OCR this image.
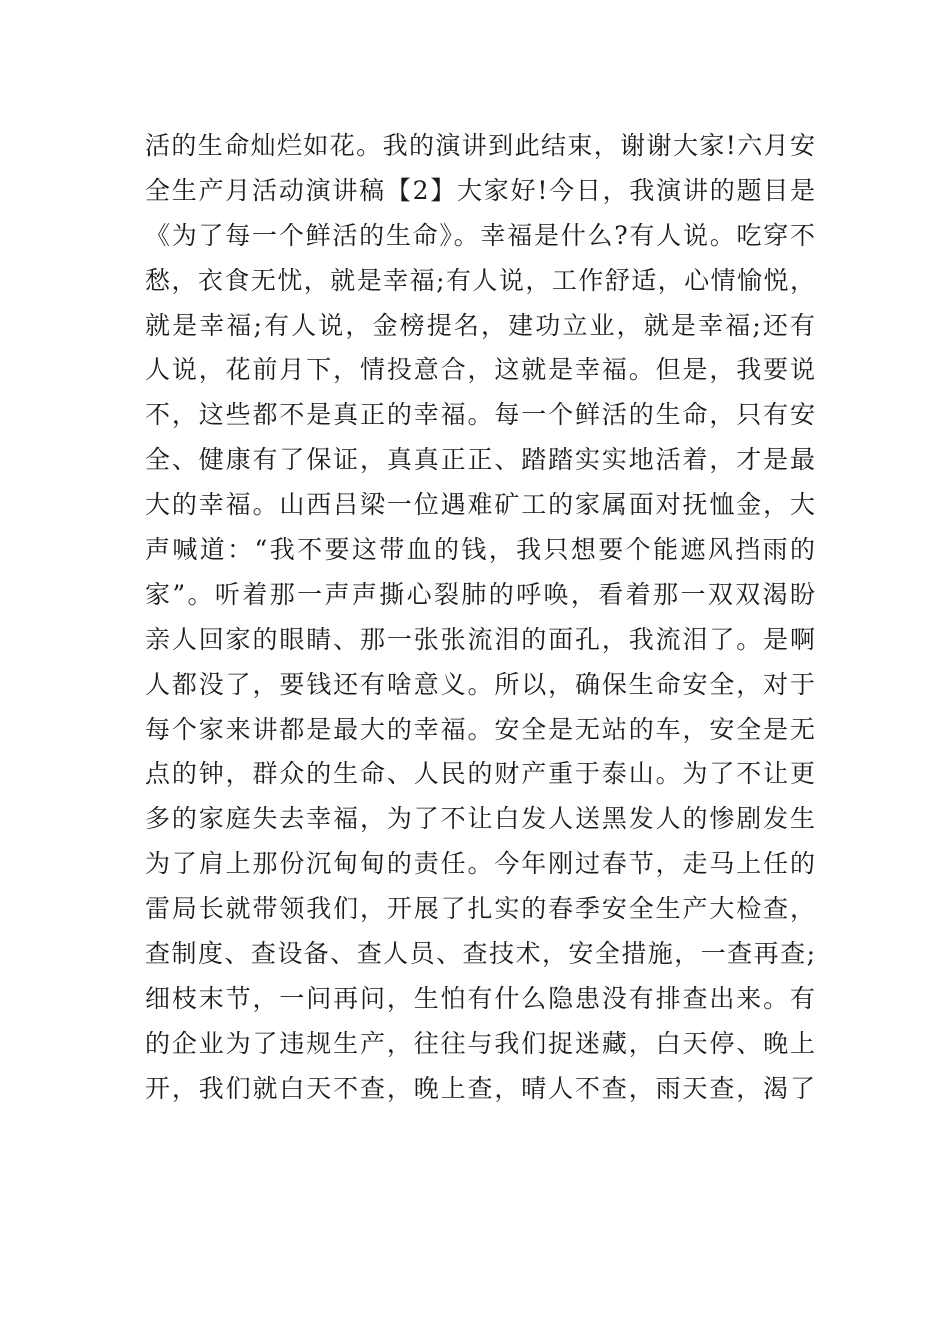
活的生命灿烂如花。我的演讲到此结束，谢谢大家!六月安
全生产月活动演讲稿【2】大家好!今日，我演讲的题目是
《为了每一个鲜活的生命》。幸福是什么?有人说。吃穿不
愁，衣食无忧，就是幸福;有人说，工作舒适，心情愉悦，
就是幸福;有人说，金榜提名，建功立业，就是幸福;还有
人说，花前月下，情投意合，这就是幸福。但是，我要说
不，这些都不是真正的幸福。每一个鲜活的生命，只有安
全、健康有了保证，真真正正、踏踏实实地活着，才是最
大的幸福。山西吕梁一位遇难矿工的家属面对抚恤金，大
声喊道：“我不要这带血的钱，我只想要个能遮风挡雨的
家”。听着那一声声撕心裂肺的呼唤，看着那一双双渴盼
亲人回家的眼睛、那一张张流泪的面孔，我流泪了。是啊
人都没了，要钱还有啥意义。所以，确保生命安全，对于
每个家来讲都是最大的幸福。安全是无站的车，安全是无
点的钟，群众的生命、人民的财产重于泰山。为了不让更
多的家庭失去幸福，为了不让白发人送黑发人的惨剧发生
为了肩上那份沉甸甸的责任。今年刚过春节，走马上任的
雷局长就带领我们，开展了扎实的春季安全生产大检查，
查制度、查设备、查人员、查技术，安全措施，一查再查;
细枝末节，一问再问，生怕有什么隐患没有排查出来。有
的企业为了违规生产，往往与我们捉迷藏，白天停、晚上
开，我们就白天不查，晚上查，晴人不查，雨天查，渴了
